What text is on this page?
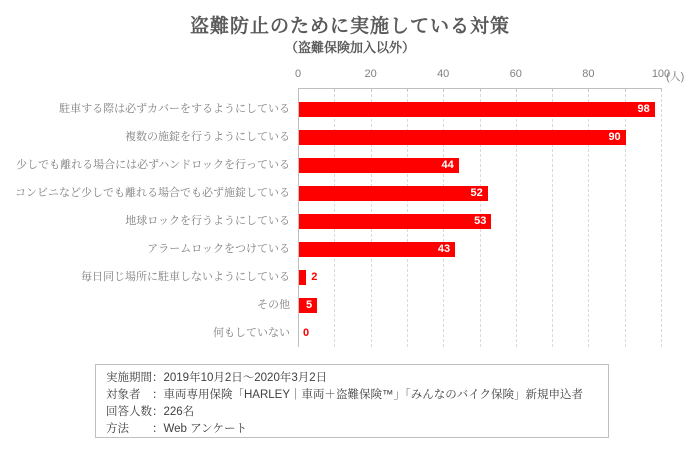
盗難防止のために実施している対策
（盗難保険加入以外）
0	20	40	60	80	100
(人)
駐車する際は必ずカバーをするようにしている
複数の施錠を行うようにしている
少しでも離れる場合には必ずハンドロックを行っている
コンビニなど少しでも離れる場合でも必ず施錠している
地球ロックを行うようにしている
アラームロックをつけている
毎日同じ場所に駐車しないようにしている
その他
何もしていない
98
90
44
52
53
43
2
5
0
実施期間：2019年10月2日～2020年3月2日
対象者　：車両専用保険「HARLEY｜車両＋盗難保険™」「みんなのバイク保険」新規申込者
回答人数：226名
方法　　：Web アンケート
